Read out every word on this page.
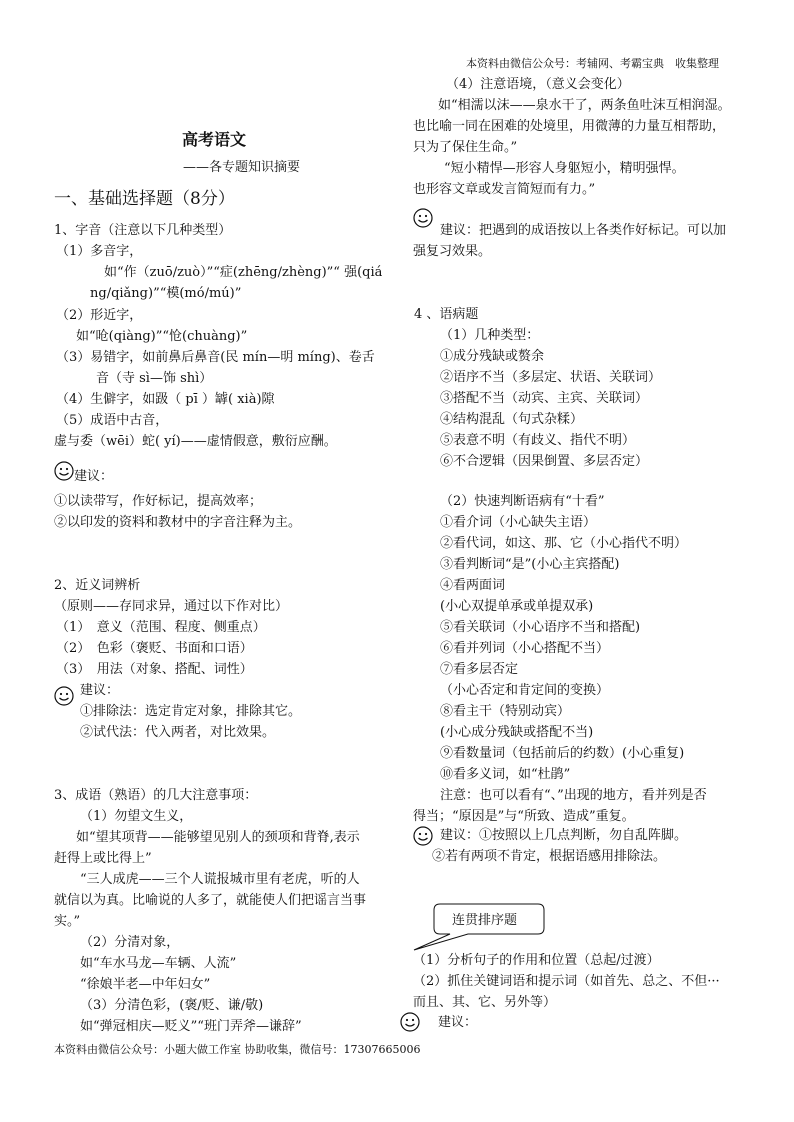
本资料由微信公众号：考辅网、考霸宝典　收集整理
本资料由微信公众号：小题大做工作室 协助收集，微信号：17307665006
高考语文
——各专题知识摘要
一、基础选择题（8分）
1、字音（注意以下几种类型）
（1）多音字，
如“作（zuō/zuò）”“症(zhēng/zhèng)”“ 强(qiá
ng/qiǎng)”“模(mó/mú)”
（2）形近字，
如“呛(qiàng)”“怆(chuàng)”
（3）易错字，如前鼻后鼻音(民 mín—明 míng)、卷舌
音（寺 sì—饰 shì）
（4）生僻字，如趿（ pī ）罅( xià)隙
（5）成语中古音，
虚与委（wēi）蛇( yí)——虚情假意，敷衍应酬。
建议：
①以读带写，作好标记，提高效率；
②以印发的资料和教材中的字音注释为主。
2、近义词辨析
（原则——存同求异，通过以下作对比）
（1）　意义（范围、程度、侧重点）
（2）　色彩（褒贬、书面和口语）
（3）　用法（对象、搭配、词性）
建议：
①排除法：选定肯定对象，排除其它。
②试代法：代入两者，对比效果。
3、成语（熟语）的几大注意事项：
（1）勿望文生义，
如“望其项背——能够望见别人的颈项和背脊,表示
赶得上或比得上”
“三人成虎——三个人谎报城市里有老虎，听的人
就信以为真。比喻说的人多了，就能使人们把谣言当事
实。”
（2）分清对象，
如“车水马龙—车辆、人流”
“徐娘半老—中年妇女”
（3）分清色彩，(褒/贬、谦/敬)
如“弹冠相庆—贬义”“班门弄斧—谦辞”
（4）注意语境，（意义会变化）
如“相濡以沫——泉水干了，两条鱼吐沫互相润湿。
也比喻一同在困难的处境里，用微薄的力量互相帮助，
只为了保住生命。”
“短小精悍—形容人身躯短小，精明强悍。
也形容文章或发言简短而有力。”
建议：把遇到的成语按以上各类作好标记。可以加
强复习效果。
4 、语病题
（1）几种类型：
①成分残缺或赘余
②语序不当（多层定、状语、关联词）
③搭配不当（动宾、主宾、关联词）
④结构混乱（句式杂糅）
⑤表意不明（有歧义、指代不明）
⑥不合逻辑（因果倒置、多层否定）
（2）快速判断语病有“十看”
①看介词（小心缺失主语）
②看代词，如这、那、它（小心指代不明）
③看判断词“是”(小心主宾搭配)
④看两面词
(小心双提单承或单提双承)
⑤看关联词（小心语序不当和搭配)
⑥看并列词（小心搭配不当）
⑦看多层否定
（小心否定和肯定间的变换）
⑧看主干（特别动宾）
(小心成分残缺或搭配不当)
⑨看数量词（包括前后的约数）(小心重复)
⑩看多义词，如“杜鹃”
注意：也可以看有“、”出现的地方，看并列是否
得当；“原因是”与“所致、造成”重复。
建议：①按照以上几点判断，勿自乱阵脚。
②若有两项不肯定，根据语感用排除法。
连贯排序题
（1）分析句子的作用和位置（总起/过渡）
（2）抓住关键词语和提示词（如首先、总之、不但···
而且、其、它、另外等）
建议：
